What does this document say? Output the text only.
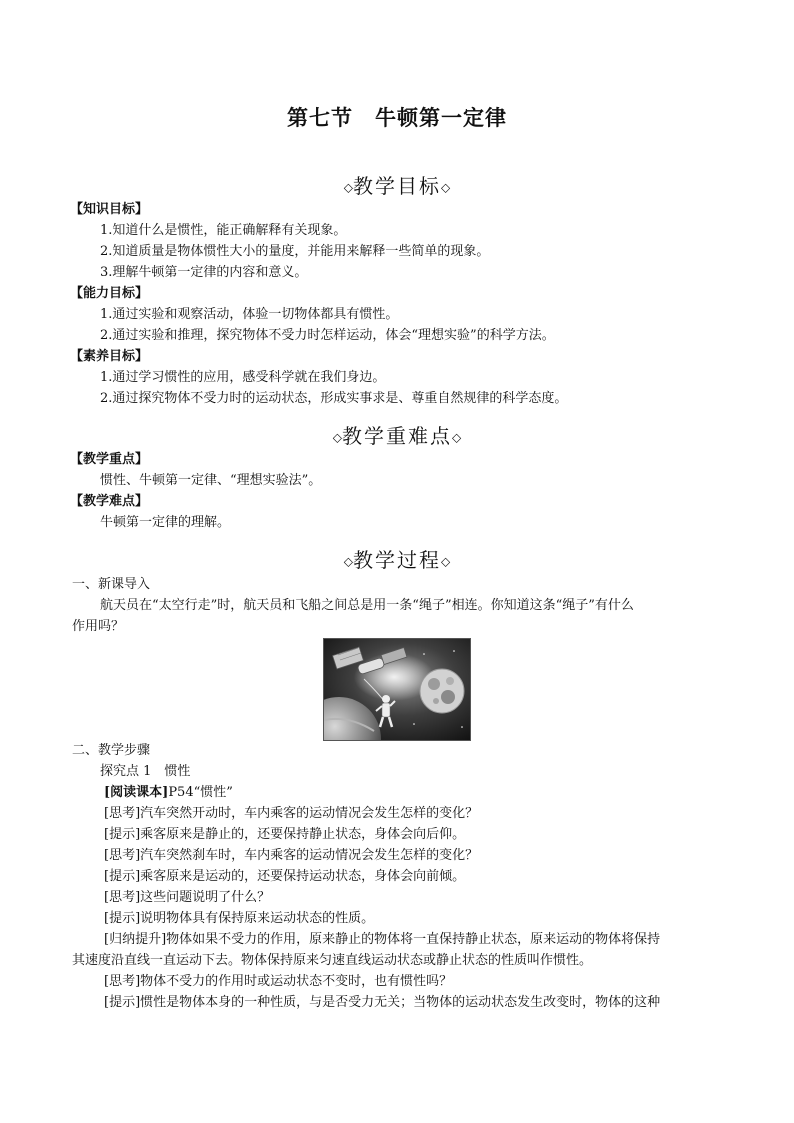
第七节 牛顿第一定律
◇教学目标◇
【知识目标】
1.知道什么是惯性，能正确解释有关现象。
2.知道质量是物体惯性大小的量度，并能用来解释一些简单的现象。
3.理解牛顿第一定律的内容和意义。
【能力目标】
1.通过实验和观察活动，体验一切物体都具有惯性。
2.通过实验和推理，探究物体不受力时怎样运动，体会“理想实验”的科学方法。
【素养目标】
1.通过学习惯性的应用，感受科学就在我们身边。
2.通过探究物体不受力时的运动状态，形成实事求是、尊重自然规律的科学态度。
◇教学重难点◇
【教学重点】
惯性、牛顿第一定律、“理想实验法”。
【教学难点】
牛顿第一定律的理解。
◇教学过程◇
一、新课导入
航天员在“太空行走”时，航天员和飞船之间总是用一条“绳子”相连。你知道这条“绳子”有什么
作用吗？
二、教学步骤
探究点 1　惯性
[阅读课本]P54“惯性”
[思考]汽车突然开动时，车内乘客的运动情况会发生怎样的变化？
[提示]乘客原来是静止的，还要保持静止状态，身体会向后仰。
[思考]汽车突然刹车时，车内乘客的运动情况会发生怎样的变化？
[提示]乘客原来是运动的，还要保持运动状态，身体会向前倾。
[思考]这些问题说明了什么？
[提示]说明物体具有保持原来运动状态的性质。
[归纳提升]物体如果不受力的作用，原来静止的物体将一直保持静止状态，原来运动的物体将保持
其速度沿直线一直运动下去。物体保持原来匀速直线运动状态或静止状态的性质叫作惯性。
[思考]物体不受力的作用时或运动状态不变时，也有惯性吗？
[提示]惯性是物体本身的一种性质，与是否受力无关；当物体的运动状态发生改变时，物体的这种
